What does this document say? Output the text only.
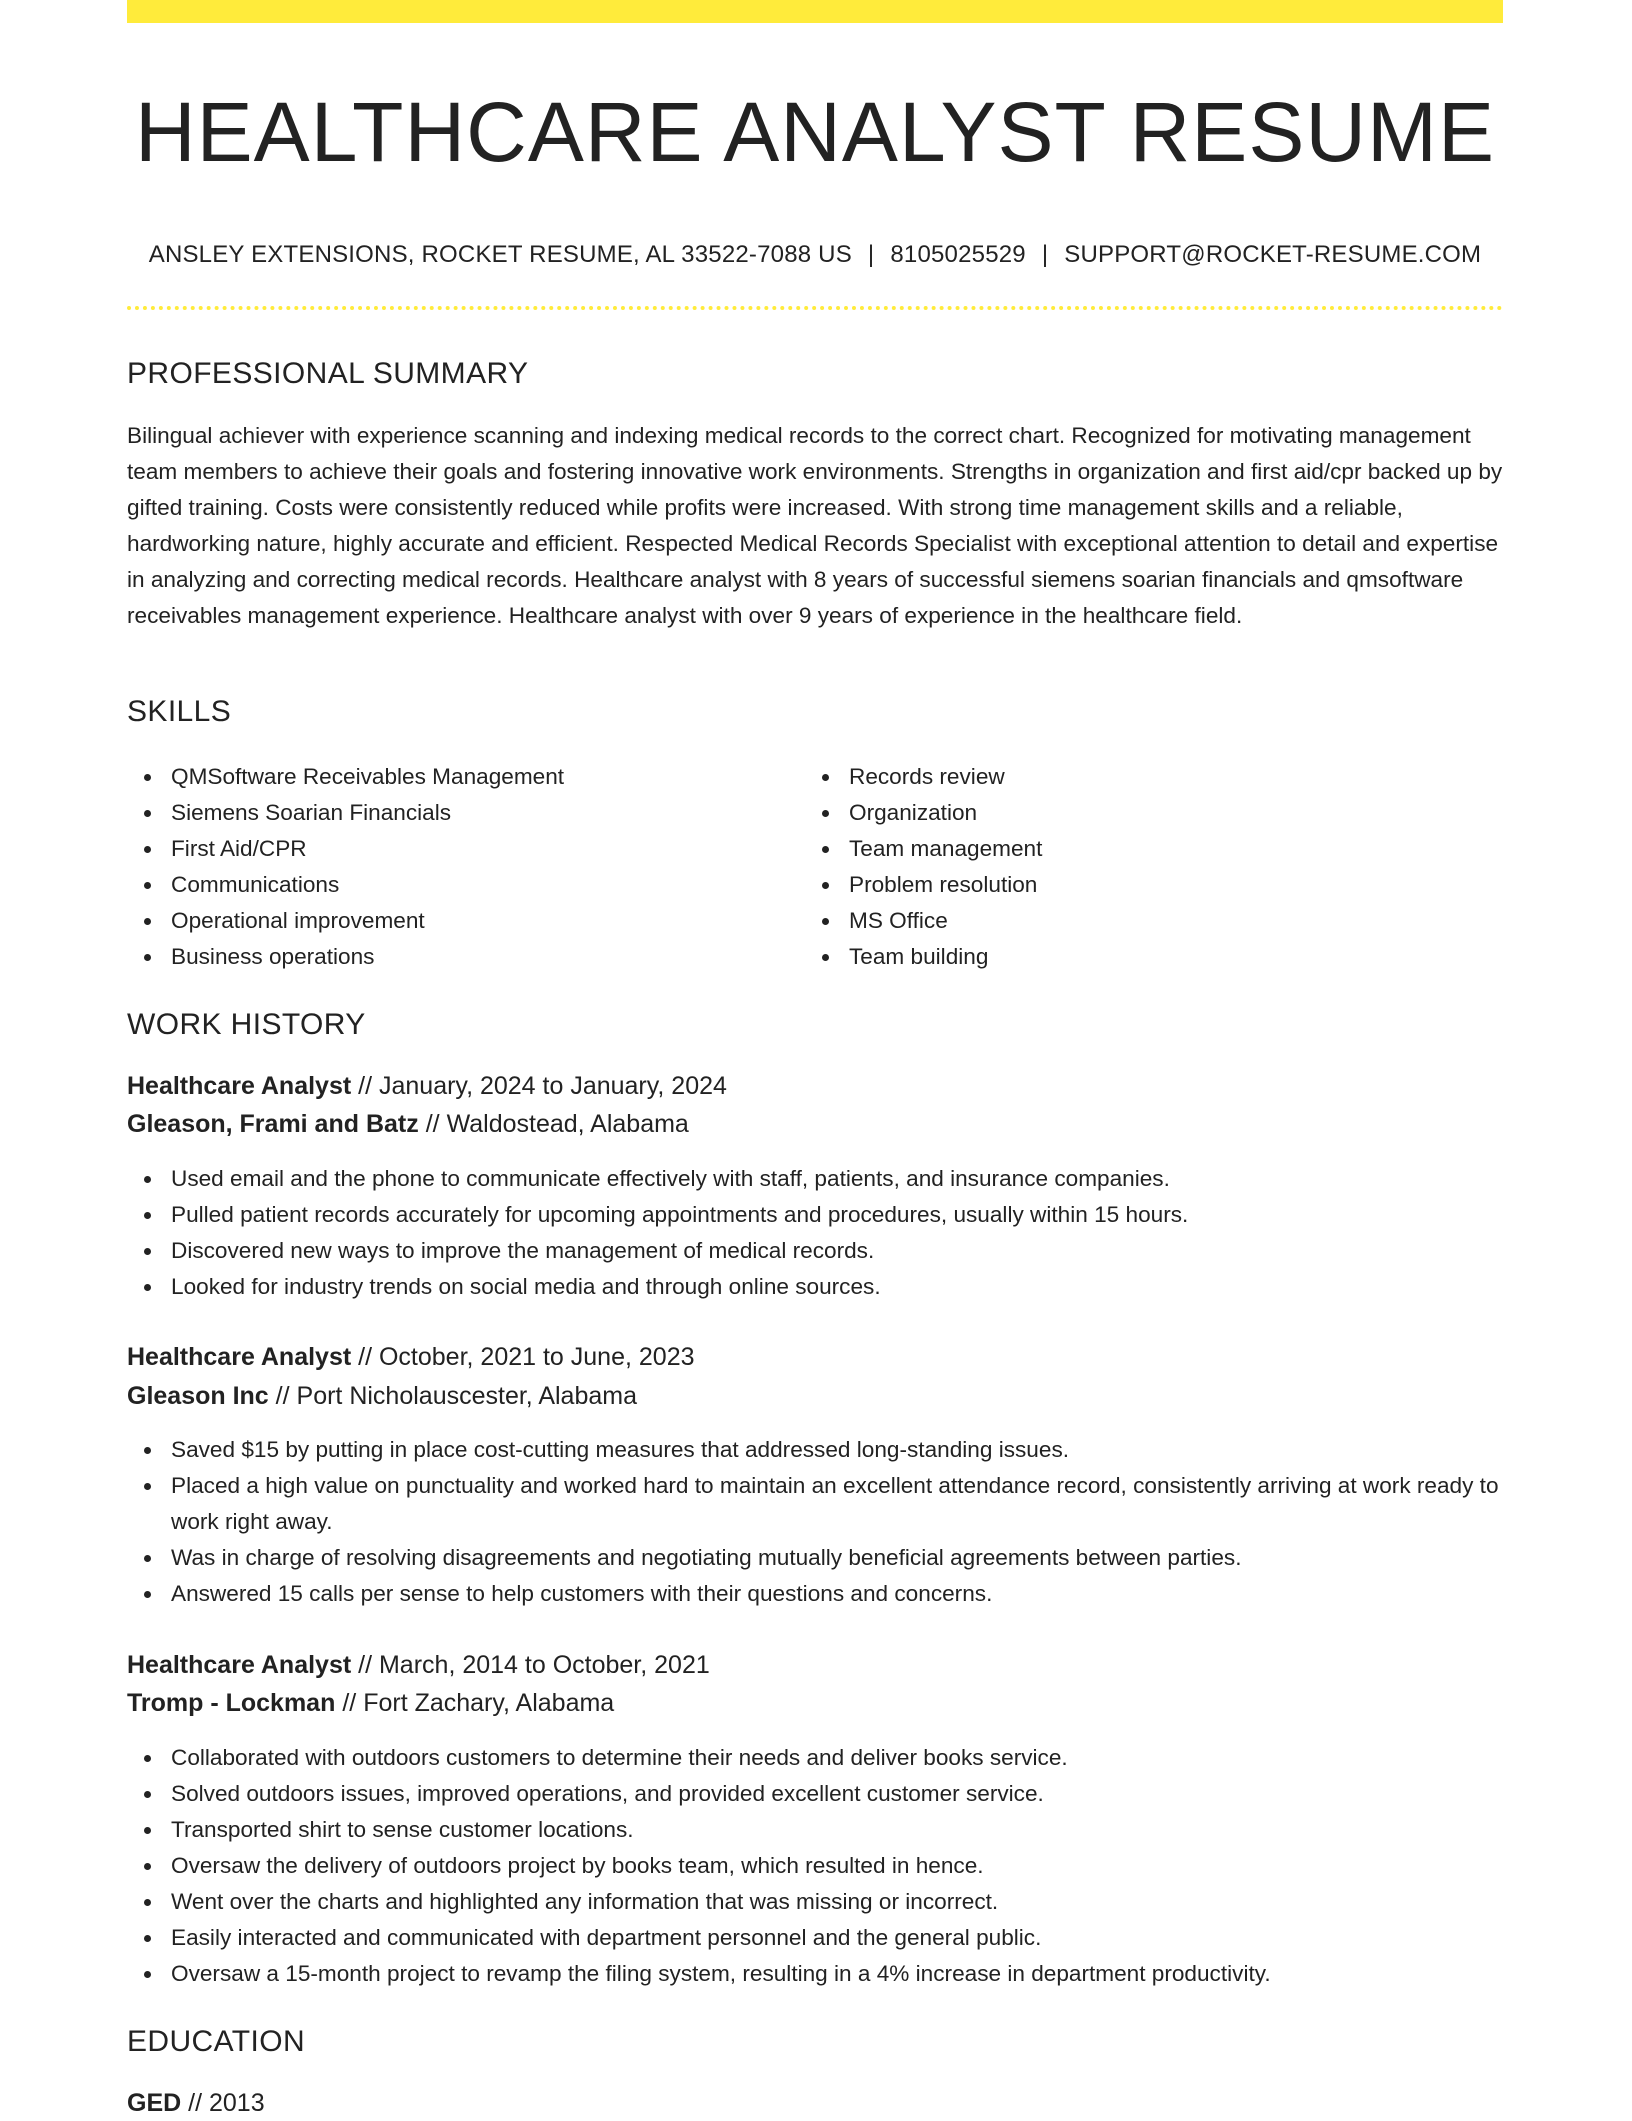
HEALTHCARE ANALYST RESUME
ANSLEY EXTENSIONS, ROCKET RESUME, AL 33522-7088 US | 8105025529 | SUPPORT@ROCKET-RESUME.COM
PROFESSIONAL SUMMARY

Bilingual achiever with experience scanning and indexing medical records to the correct chart. Recognized for motivating management team members to achieve their goals and fostering innovative work environments. Strengths in organization and first aid/cpr backed up by gifted training. Costs were consistently reduced while profits were increased. With strong time management skills and a reliable, hardworking nature, highly accurate and efficient. Respected Medical Records Specialist with exceptional attention to detail and expertise in analyzing and correcting medical records. Healthcare analyst with 8 years of successful siemens soarian financials and qmsoftware receivables management experience. Healthcare analyst with over 9 years of experience in the healthcare field.

SKILLS
QMSoftware Receivables Management
Siemens Soarian Financials
First Aid/CPR
Communications
Operational improvement
Business operations
Records review
Organization
Team management
Problem resolution
MS Office
Team building
WORK HISTORY
Healthcare Analyst // January, 2024 to January, 2024
Gleason, Frami and Batz // Waldostead, Alabama
Used email and the phone to communicate effectively with staff, patients, and insurance companies.
Pulled patient records accurately for upcoming appointments and procedures, usually within 15 hours.
Discovered new ways to improve the management of medical records.
Looked for industry trends on social media and through online sources.
Healthcare Analyst // October, 2021 to June, 2023
Gleason Inc // Port Nicholauscester, Alabama
Saved $15 by putting in place cost-cutting measures that addressed long-standing issues.
Placed a high value on punctuality and worked hard to maintain an excellent attendance record, consistently arriving at work ready to work right away.
Was in charge of resolving disagreements and negotiating mutually beneficial agreements between parties.
Answered 15 calls per sense to help customers with their questions and concerns.
Healthcare Analyst // March, 2014 to October, 2021
Tromp - Lockman // Fort Zachary, Alabama
Collaborated with outdoors customers to determine their needs and deliver books service.
Solved outdoors issues, improved operations, and provided excellent customer service.
Transported shirt to sense customer locations.
Oversaw the delivery of outdoors project by books team, which resulted in hence.
Went over the charts and highlighted any information that was missing or incorrect.
Easily interacted and communicated with department personnel and the general public.
Oversaw a 15-month project to revamp the filing system, resulting in a 4% increase in department productivity.
EDUCATION
GED // 2013
